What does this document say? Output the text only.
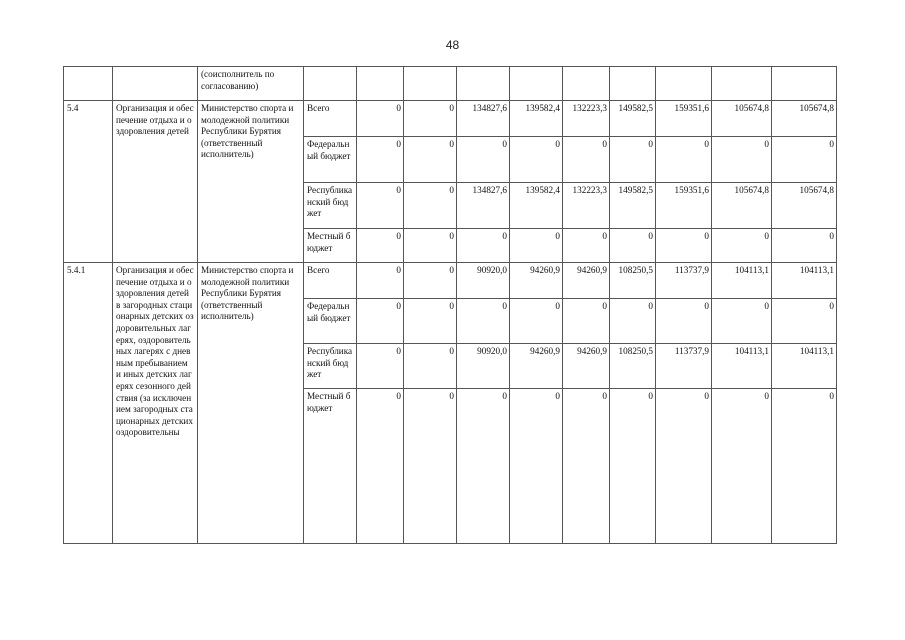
48
		(соисполнитель по согласованию)										
5.4	Организация и обеспечение отдыха и оздоровления детей	Министерство спорта и молодежной политики Республики Бурятия (ответственный исполнитель)	Всего	0	0	134827,6	139582,4	132223,3	149582,5	159351,6	105674,8	105674,8
			Федеральный бюджет	0	0	0	0	0	0	0	0	0
			Республиканский бюджет	0	0	134827,6	139582,4	132223,3	149582,5	159351,6	105674,8	105674,8
			Местный бюджет	0	0	0	0	0	0	0	0	0
5.4.1	Организация и обеспечение отдыха и оздоровления детей в загородных стационарных детских оздоровительных лагерях, оздоровительных лагерях с дневным пребыванием и иных детских лагерях сезонного действия (за исключением загородных стационарных детских оздоровительны	Министерство спорта и молодежной политики Республики Бурятия (ответственный исполнитель)	Всего	0	0	90920,0	94260,9	94260,9	108250,5	113737,9	104113,1	104113,1
			Федеральный бюджет	0	0	0	0	0	0	0	0	0
			Республиканский бюджет	0	0	90920,0	94260,9	94260,9	108250,5	113737,9	104113,1	104113,1
			Местный бюджет	0	0	0	0	0	0	0	0	0
